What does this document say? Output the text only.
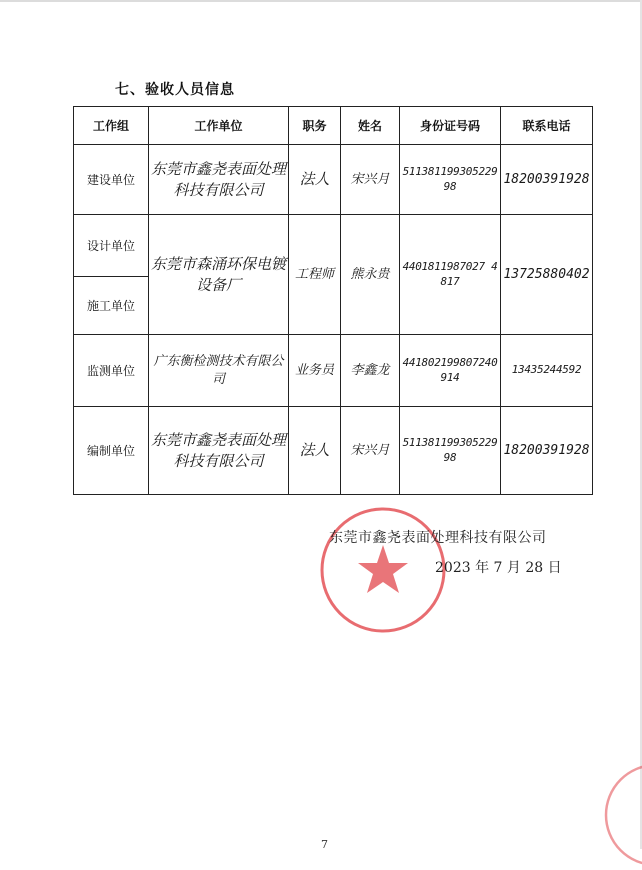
七、验收人员信息
工作组	工作单位	职务	姓名	身份证号码	联系电话
建设单位	东莞市鑫尧表面处理科技有限公司	法人	宋兴月	51138119930522998	18200391928
设计单位	东莞市森涌环保电镀设备厂	工程师	熊永贵	4401811987027 4817	13725880402
施工单位					
监测单位	广东衡检测技术有限公司	业务员	李鑫龙	441802199807240914	13435244592
编制单位	东莞市鑫尧表面处理科技有限公司	法人	宋兴月	51138119930522998	18200391928
东莞市鑫尧表面处理科技有限公司
2023 年 7 月 28 日
7
